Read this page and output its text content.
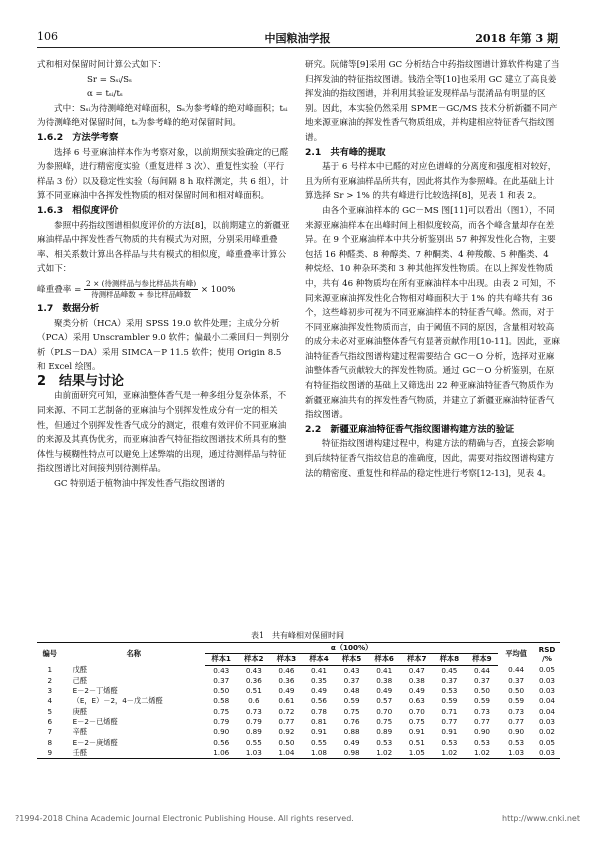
106	中国粮油学报	2018 年第 3 期

式和相对保留时间计算公式如下：

Sr = Sₛᵢ/Sₛ

α = tₛᵢ/tₛ

式中：Sₛᵢ为待测峰绝对峰面积，Sₛ为参考峰的绝对峰面积；tₛᵢ为待测峰绝对保留时间，tₛ为参考峰的绝对保留时间。

1.6.2　方法学考察

选择 6 号亚麻油样本作为考察对象，以前期预实验确定的已醛为参照峰，进行精密度实验（重复进样 3 次）、重复性实验（平行样品 3 份）以及稳定性实验（每间隔 8 h 取样测定，共 6 组），计算不同亚麻油中各挥发性物质的相对保留时间和相对峰面积。

1.6.3　相似度评价

参照中药指纹图谱相似度评价的方法[8]，以前期建立的新疆亚麻油样品中挥发性香气物质的共有模式为对照，分别采用峰重叠率、相关系数计算出各样品与共有模式的相似度，峰重叠率计算公式如下：

峰重叠率 = $\frac{\text{2 × (待测样品与参比样品共有峰)}}{\text{待测样品峰数 + 参比样品峰数}} \times 100\%$

1.7　数据分析

聚类分析（HCA）采用 SPSS 19.0 软件处理；主成分分析（PCA）采用 Unscrambler 9.0 软件；偏最小二乘回归－判别分析（PLS－DA）采用 SIMCA－P 11.5 软件；使用 Origin 8.5 和 Excel 绘图。

2　结果与讨论

由前面研究可知，亚麻油整体香气是一种多组分复杂体系，不同来源、不同工艺制备的亚麻油与个别挥发性成分有一定的相关性，但通过个别挥发性香气成分的测定，很难有效评价不同亚麻油的来源及其真伪优劣，而亚麻油香气特征指纹图谱技术所具有的整体性与模糊性特点可以避免上述弊端的出现，通过待测样品与特征指纹图谱比对间接判别待测样品。

GC 特别适于植物油中挥发性香气指纹图谱的

研究。阮储等[9]采用 GC 分析结合中药指纹图谱计算软件构建了当归挥发油的特征指纹图谱。钱浩全等[10]也采用 GC 建立了高良姜挥发油的指纹图谱，并利用其验证发现样品与混淆品有明显的区别。因此，本实验仍然采用 SPME－GC/MS 技术分析新疆不同产地来源亚麻油的挥发性香气物质组成，并构建相应特征香气指纹图谱。

2.1　共有峰的提取

基于 6 号样本中已醛的对应色谱峰的分离度和强度相对较好，且为所有亚麻油样品所共有，因此将其作为参照峰。在此基础上计算选择 Sr > 1% 的共有峰进行比较选择[8]，见表 1 和表 2。

由各个亚麻油样本的 GC－MS 图[11]可以看出（图1），不同来源亚麻油样本在出峰时间上相似度较高，而各个峰含量却存在差异。在 9 个亚麻油样本中共分析鉴别出 57 种挥发性化合物，主要包括 16 种醛类、8 种醇类、7 种酮类、4 种羧酸、5 种酯类、4 种烷烃、10 种杂环类和 3 种其他挥发性物质。在以上挥发性物质中，共有 46 种物质均在所有亚麻油样本中出现。由表 2 可知，不同来源亚麻油挥发性化合物相对峰面积大于 1% 的共有峰共有 36 个，这些峰初步可视为不同亚麻油样本的特征香气峰。然而，对于不同亚麻油挥发性物质而言，由于阈值不同的原因，含量相对较高的成分未必对亚麻油整体香气有显著贡献作用[10-11]。因此，亚麻油特征香气指纹图谱构建过程需要结合 GC－O 分析，选择对亚麻油整体香气贡献较大的挥发性物质。通过 GC－O 分析鉴别，在原有特征指纹图谱的基础上又筛选出 22 种亚麻油特征香气物质作为新疆亚麻油共有的挥发性香气物质，并建立了新疆亚麻油特征香气指纹图谱。

2.2　新疆亚麻油特征香气指纹图谱构建方法的验证

特征指纹图谱构建过程中，构建方法的精确与否，直接会影响到后续特征香气指纹信息的准确度，因此，需要对指纹图谱构建方法的精密度、重复性和样品的稳定性进行考察[12-13]，见表 4。

表1　共有峰相对保留时间
编号	名称	α（100%）									平均值	RSD /%
		样本1	样本2	样本3	样本4	样本5	样本6	样本7	样本8	样本9		
1	戊醛	0.43	0.43	0.46	0.41	0.43	0.41	0.47	0.45	0.44	0.44	0.05
2	己醛	0.37	0.36	0.36	0.35	0.37	0.38	0.38	0.37	0.37	0.37	0.03
3	E－2－丁烯醛	0.50	0.51	0.49	0.49	0.48	0.49	0.49	0.53	0.50	0.50	0.03
4	（E，E）－2，4－戊二烯醛	0.58	0.6	0.61	0.56	0.59	0.57	0.63	0.59	0.59	0.59	0.04
5	庚醛	0.75	0.73	0.72	0.78	0.75	0.70	0.70	0.71	0.73	0.73	0.04
6	E－2－已烯醛	0.79	0.79	0.77	0.81	0.76	0.75	0.75	0.77	0.77	0.77	0.03
7	辛醛	0.90	0.89	0.92	0.91	0.88	0.89	0.91	0.91	0.90	0.90	0.02
8	E－2－庚烯醛	0.56	0.55	0.50	0.55	0.49	0.53	0.51	0.53	0.53	0.53	0.05
9	壬醛	1.06	1.03	1.04	1.08	0.98	1.02	1.05	1.02	1.02	1.03	0.03
?1994-2018 China Academic Journal Electronic Publishing House. All rights reserved.	http://www.cnki.net
